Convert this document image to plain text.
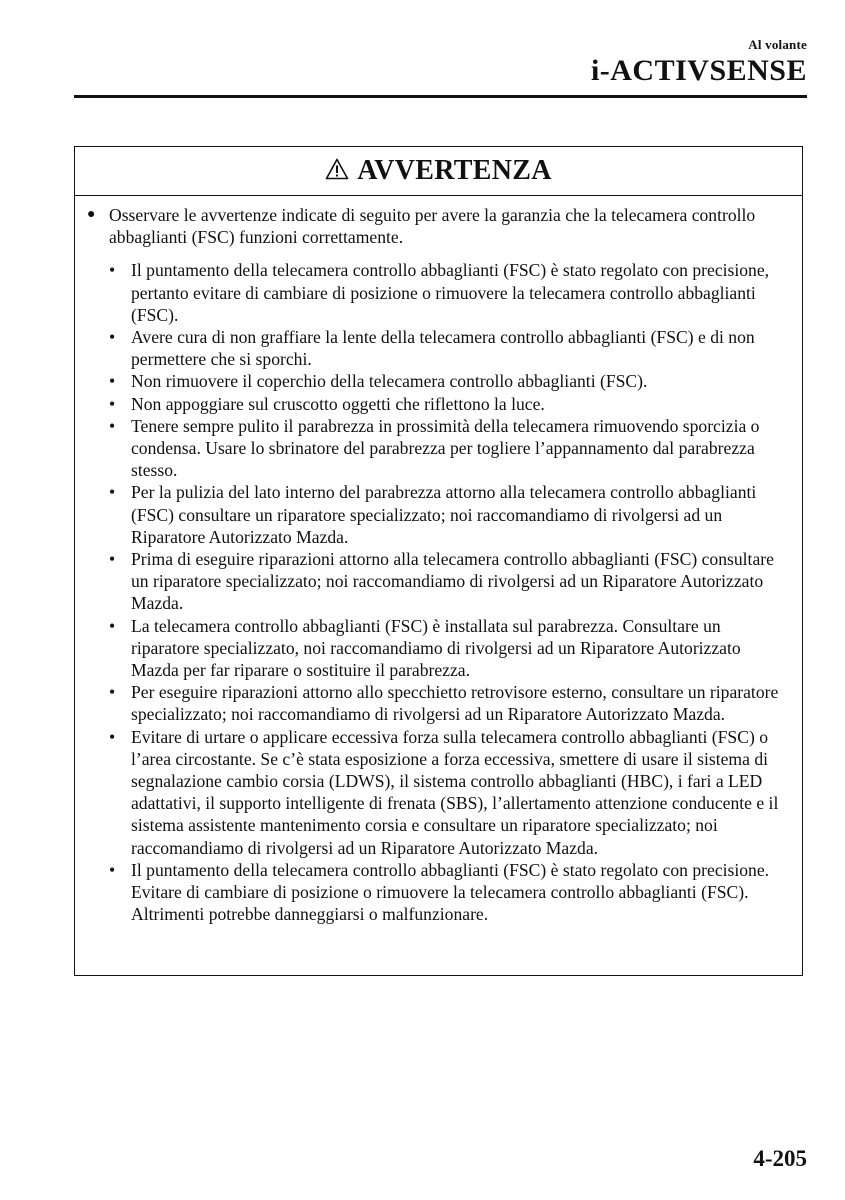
Al volante
i-ACTIVSENSE
AVVERTENZA
● Osservare le avvertenze indicate di seguito per avere la garanzia che la telecamera controllo abbaglianti (FSC) funzioni correttamente.
• Il puntamento della telecamera controllo abbaglianti (FSC) è stato regolato con precisione, pertanto evitare di cambiare di posizione o rimuovere la telecamera controllo abbaglianti (FSC).
• Avere cura di non graffiare la lente della telecamera controllo abbaglianti (FSC) e di non permettere che si sporchi.
• Non rimuovere il coperchio della telecamera controllo abbaglianti (FSC).
• Non appoggiare sul cruscotto oggetti che riflettono la luce.
• Tenere sempre pulito il parabrezza in prossimità della telecamera rimuovendo sporcizia o condensa. Usare lo sbrinatore del parabrezza per togliere l’appannamento dal parabrezza stesso.
• Per la pulizia del lato interno del parabrezza attorno alla telecamera controllo abbaglianti (FSC) consultare un riparatore specializzato; noi raccomandiamo di rivolgersi ad un Riparatore Autorizzato Mazda.
• Prima di eseguire riparazioni attorno alla telecamera controllo abbaglianti (FSC) consultare un riparatore specializzato; noi raccomandiamo di rivolgersi ad un Riparatore Autorizzato Mazda.
• La telecamera controllo abbaglianti (FSC) è installata sul parabrezza. Consultare un riparatore specializzato, noi raccomandiamo di rivolgersi ad un Riparatore Autorizzato Mazda per far riparare o sostituire il parabrezza.
• Per eseguire riparazioni attorno allo specchietto retrovisore esterno, consultare un riparatore specializzato; noi raccomandiamo di rivolgersi ad un Riparatore Autorizzato Mazda.
• Evitare di urtare o applicare eccessiva forza sulla telecamera controllo abbaglianti (FSC) o l’area circostante. Se c’è stata esposizione a forza eccessiva, smettere di usare il sistema di segnalazione cambio corsia (LDWS), il sistema controllo abbaglianti (HBC), i fari a LED adattativi, il supporto intelligente di frenata (SBS), l’allertamento attenzione conducente e il sistema assistente mantenimento corsia e consultare un riparatore specializzato; noi raccomandiamo di rivolgersi ad un Riparatore Autorizzato Mazda.
• Il puntamento della telecamera controllo abbaglianti (FSC) è stato regolato con precisione. Evitare di cambiare di posizione o rimuovere la telecamera controllo abbaglianti (FSC). Altrimenti potrebbe danneggiarsi o malfunzionare.
4-205
